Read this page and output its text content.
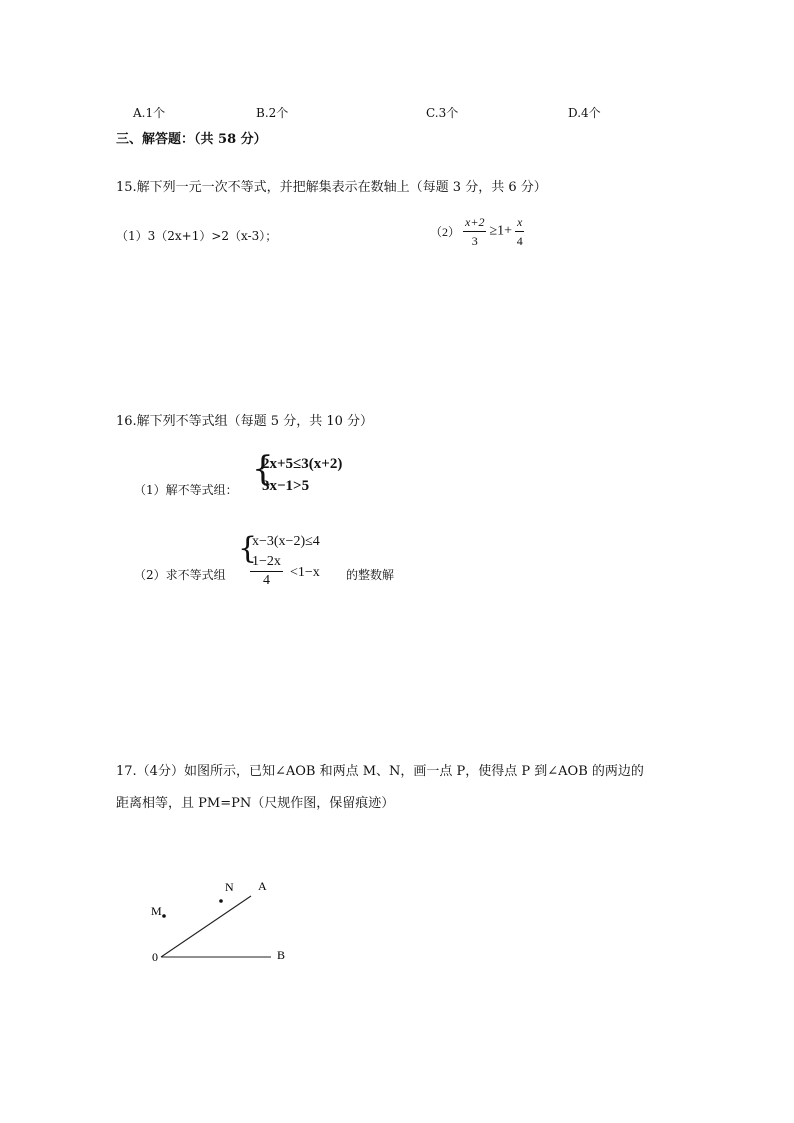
A.1个	B.2个	C.3个	D.4个
三、解答题：（共 58 分）
15.解下列一元一次不等式，并把解集表示在数轴上（每题 3 分，共 6 分）
（1）3（2x+1）>2（x-3）；	$(2) \frac{x+2}{3} \ge 1+ \frac{x}{4}$
16.解下列不等式组（每题 5 分，共 10 分）
（1）解不等式组：
{
2x+5≤3(x+2)
3x−1>5
（2）求不等式组
{
x−3(x−2)≤4
$\frac{1-2x}{4} <1-x$ 的整数解
17.（4分）如图所示，已知∠AOB 和两点 M、N，画一点 P，使得点 P 到∠AOB 的两边的
距离相等，且 PM=PN（尺规作图，保留痕迹）
M
N A
0	B
